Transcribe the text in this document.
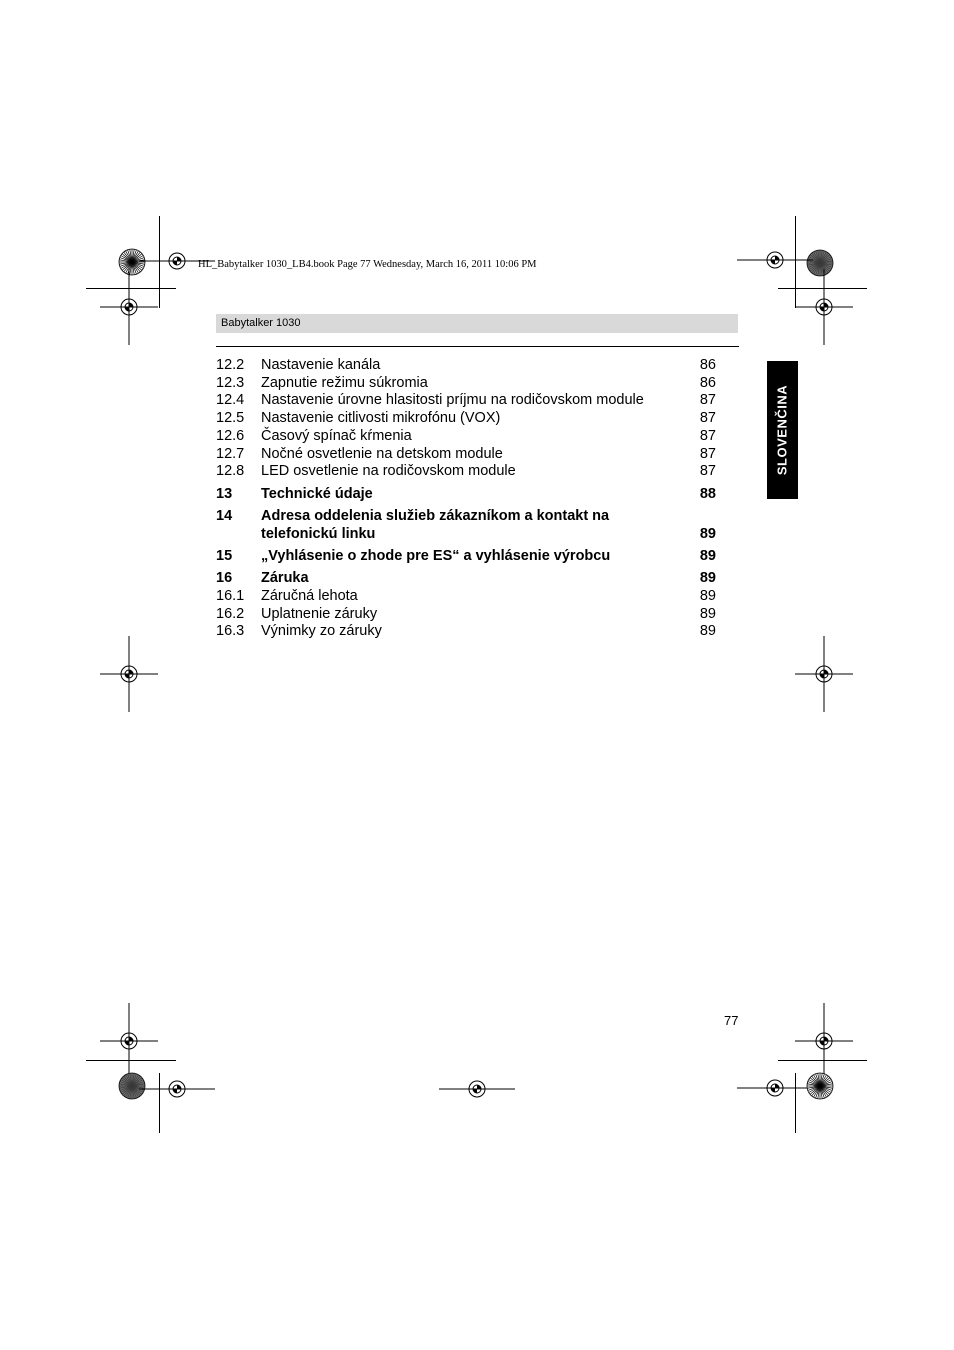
HL_Babytalker 1030_LB4.book Page 77 Wednesday, March 16, 2011 10:06 PM
Babytalker 1030
SLOVENČINA
12.2 Nastavenie kanála	86
12.3 Zapnutie režimu súkromia	86
12.4 Nastavenie úrovne hlasitosti príjmu na rodičovskom module	87
12.5 Nastavenie citlivosti mikrofónu (VOX)	87
12.6 Časový spínač kŕmenia	87
12.7 Nočné osvetlenie na detskom module	87
12.8 LED osvetlenie na rodičovskom module	87
13 Technické údaje	88
14 Adresa oddelenia služieb zákazníkom a kontakt na telefonickú linku	89
15 „Vyhlásenie o zhode pre ES“ a vyhlásenie výrobcu	89
16 Záruka	89
16.1 Záručná lehota	89
16.2 Uplatnenie záruky	89
16.3 Výnimky zo záruky	89
77
